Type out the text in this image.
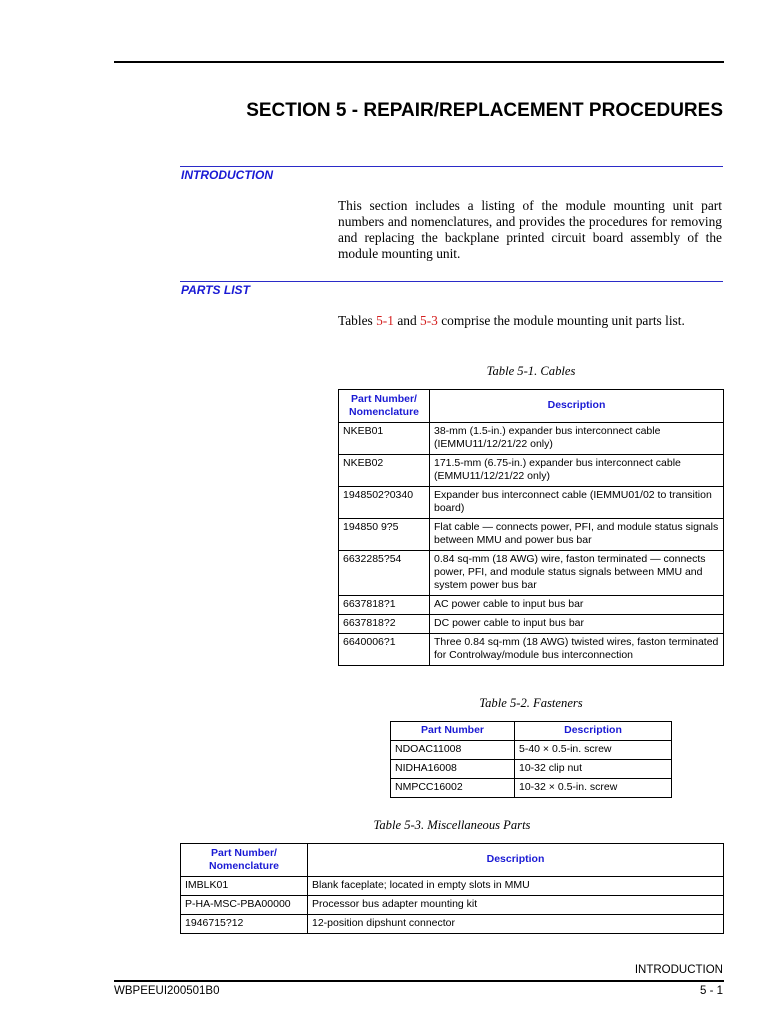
SECTION 5 - REPAIR/REPLACEMENT PROCEDURES
INTRODUCTION

This section includes a listing of the module mounting unit part numbers and nomenclatures, and provides the procedures for removing and replacing the backplane printed circuit board assembly of the module mounting unit.

PARTS LIST

Tables 5-1 and 5-3 comprise the module mounting unit parts list.

Table 5-1. Cables

Part Number/ Nomenclature	Description
NKEB01	38-mm (1.5-in.) expander bus interconnect cable (IEMMU11/12/21/22 only)
NKEB02	171.5-mm (6.75-in.) expander bus interconnect cable (EMMU11/12/21/22 only)
1948502?0340	Expander bus interconnect cable (IEMMU01/02 to transition board)
194850 9?5	Flat cable — connects power, PFI, and module status signals between MMU and power bus bar
6632285?54	0.84 sq-mm (18 AWG) wire, faston terminated — connects power, PFI, and module status signals between MMU and system power bus bar
6637818?1	AC power cable to input bus bar
6637818?2	DC power cable to input bus bar
6640006?1	Three 0.84 sq-mm (18 AWG) twisted wires, faston terminated for Controlway/module bus interconnection

Table 5-2. Fasteners

Part Number	Description
NDOAC11008	5-40 × 0.5-in. screw
NIDHA16008	10-32 clip nut
NMPCC16002	10-32 × 0.5-in. screw

Table 5-3. Miscellaneous Parts

Part Number/ Nomenclature	Description
IMBLK01	Blank faceplate; located in empty slots in MMU
P-HA-MSC-PBA00000	Processor bus adapter mounting kit
1946715?12	12-position dipshunt connector

INTRODUCTION

WBPEEUI200501B0	5 - 1
